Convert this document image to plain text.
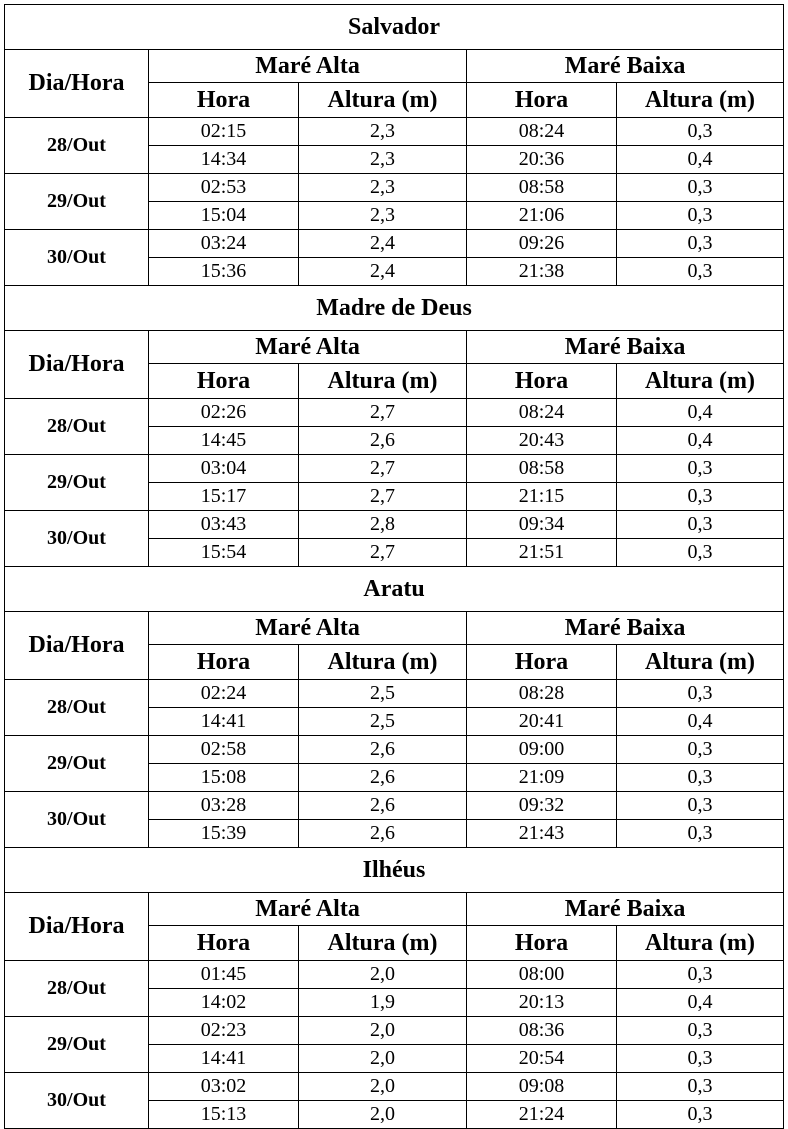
Salvador				
Dia/Hora	Maré Alta		Maré Baixa	
	Hora	Altura (m)	Hora	Altura (m)
28/Out	02:15	2,3	08:24	0,3
	14:34	2,3	20:36	0,4
29/Out	02:53	2,3	08:58	0,3
	15:04	2,3	21:06	0,3
30/Out	03:24	2,4	09:26	0,3
	15:36	2,4	21:38	0,3
Madre de Deus				
Dia/Hora	Maré Alta		Maré Baixa	
	Hora	Altura (m)	Hora	Altura (m)
28/Out	02:26	2,7	08:24	0,4
	14:45	2,6	20:43	0,4
29/Out	03:04	2,7	08:58	0,3
	15:17	2,7	21:15	0,3
30/Out	03:43	2,8	09:34	0,3
	15:54	2,7	21:51	0,3
Aratu				
Dia/Hora	Maré Alta		Maré Baixa	
	Hora	Altura (m)	Hora	Altura (m)
28/Out	02:24	2,5	08:28	0,3
	14:41	2,5	20:41	0,4
29/Out	02:58	2,6	09:00	0,3
	15:08	2,6	21:09	0,3
30/Out	03:28	2,6	09:32	0,3
	15:39	2,6	21:43	0,3
Ilhéus				
Dia/Hora	Maré Alta		Maré Baixa	
	Hora	Altura (m)	Hora	Altura (m)
28/Out	01:45	2,0	08:00	0,3
	14:02	1,9	20:13	0,4
29/Out	02:23	2,0	08:36	0,3
	14:41	2,0	20:54	0,3
30/Out	03:02	2,0	09:08	0,3
	15:13	2,0	21:24	0,3
